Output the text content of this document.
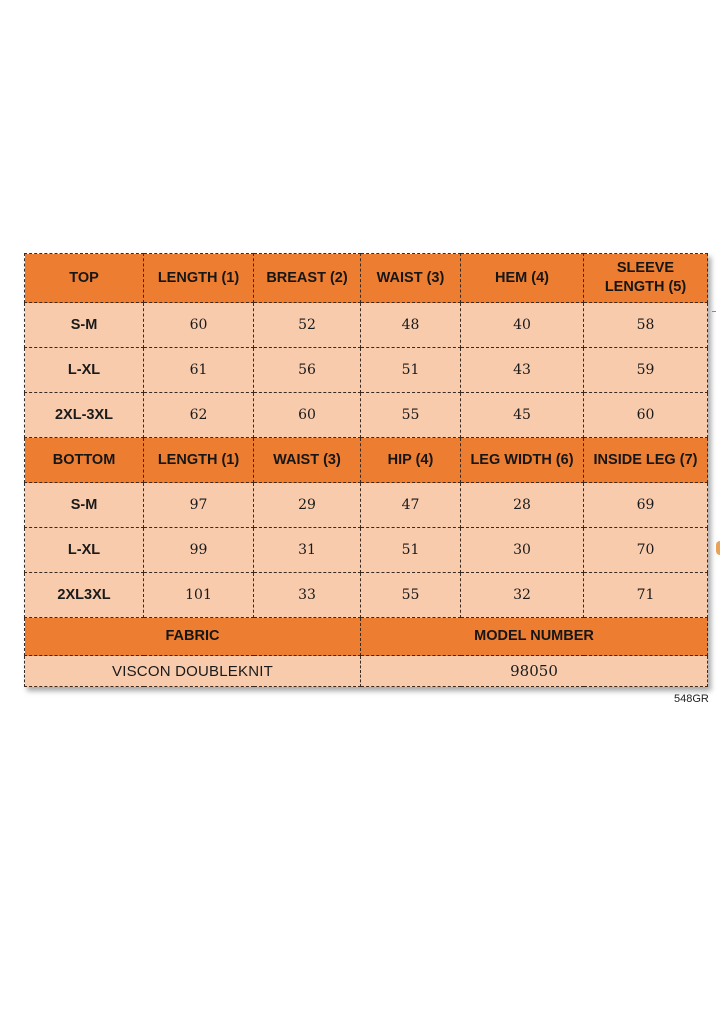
TOP	LENGTH (1)	BREAST (2)	WAIST (3)	HEM (4)	SLEEVE LENGTH (5)
S-M	60	52	48	40	58
L-XL	61	56	51	43	59
2XL-3XL	62	60	55	45	60
BOTTOM	LENGTH (1)	WAIST (3)	HIP (4)	LEG WIDTH (6)	INSIDE LEG (7)
S-M	97	29	47	28	69
L-XL	99	31	51	30	70
2XL3XL	101	33	55	32	71
FABRIC			MODEL NUMBER		
VISCON DOUBLEKNIT			98050		
548GR
